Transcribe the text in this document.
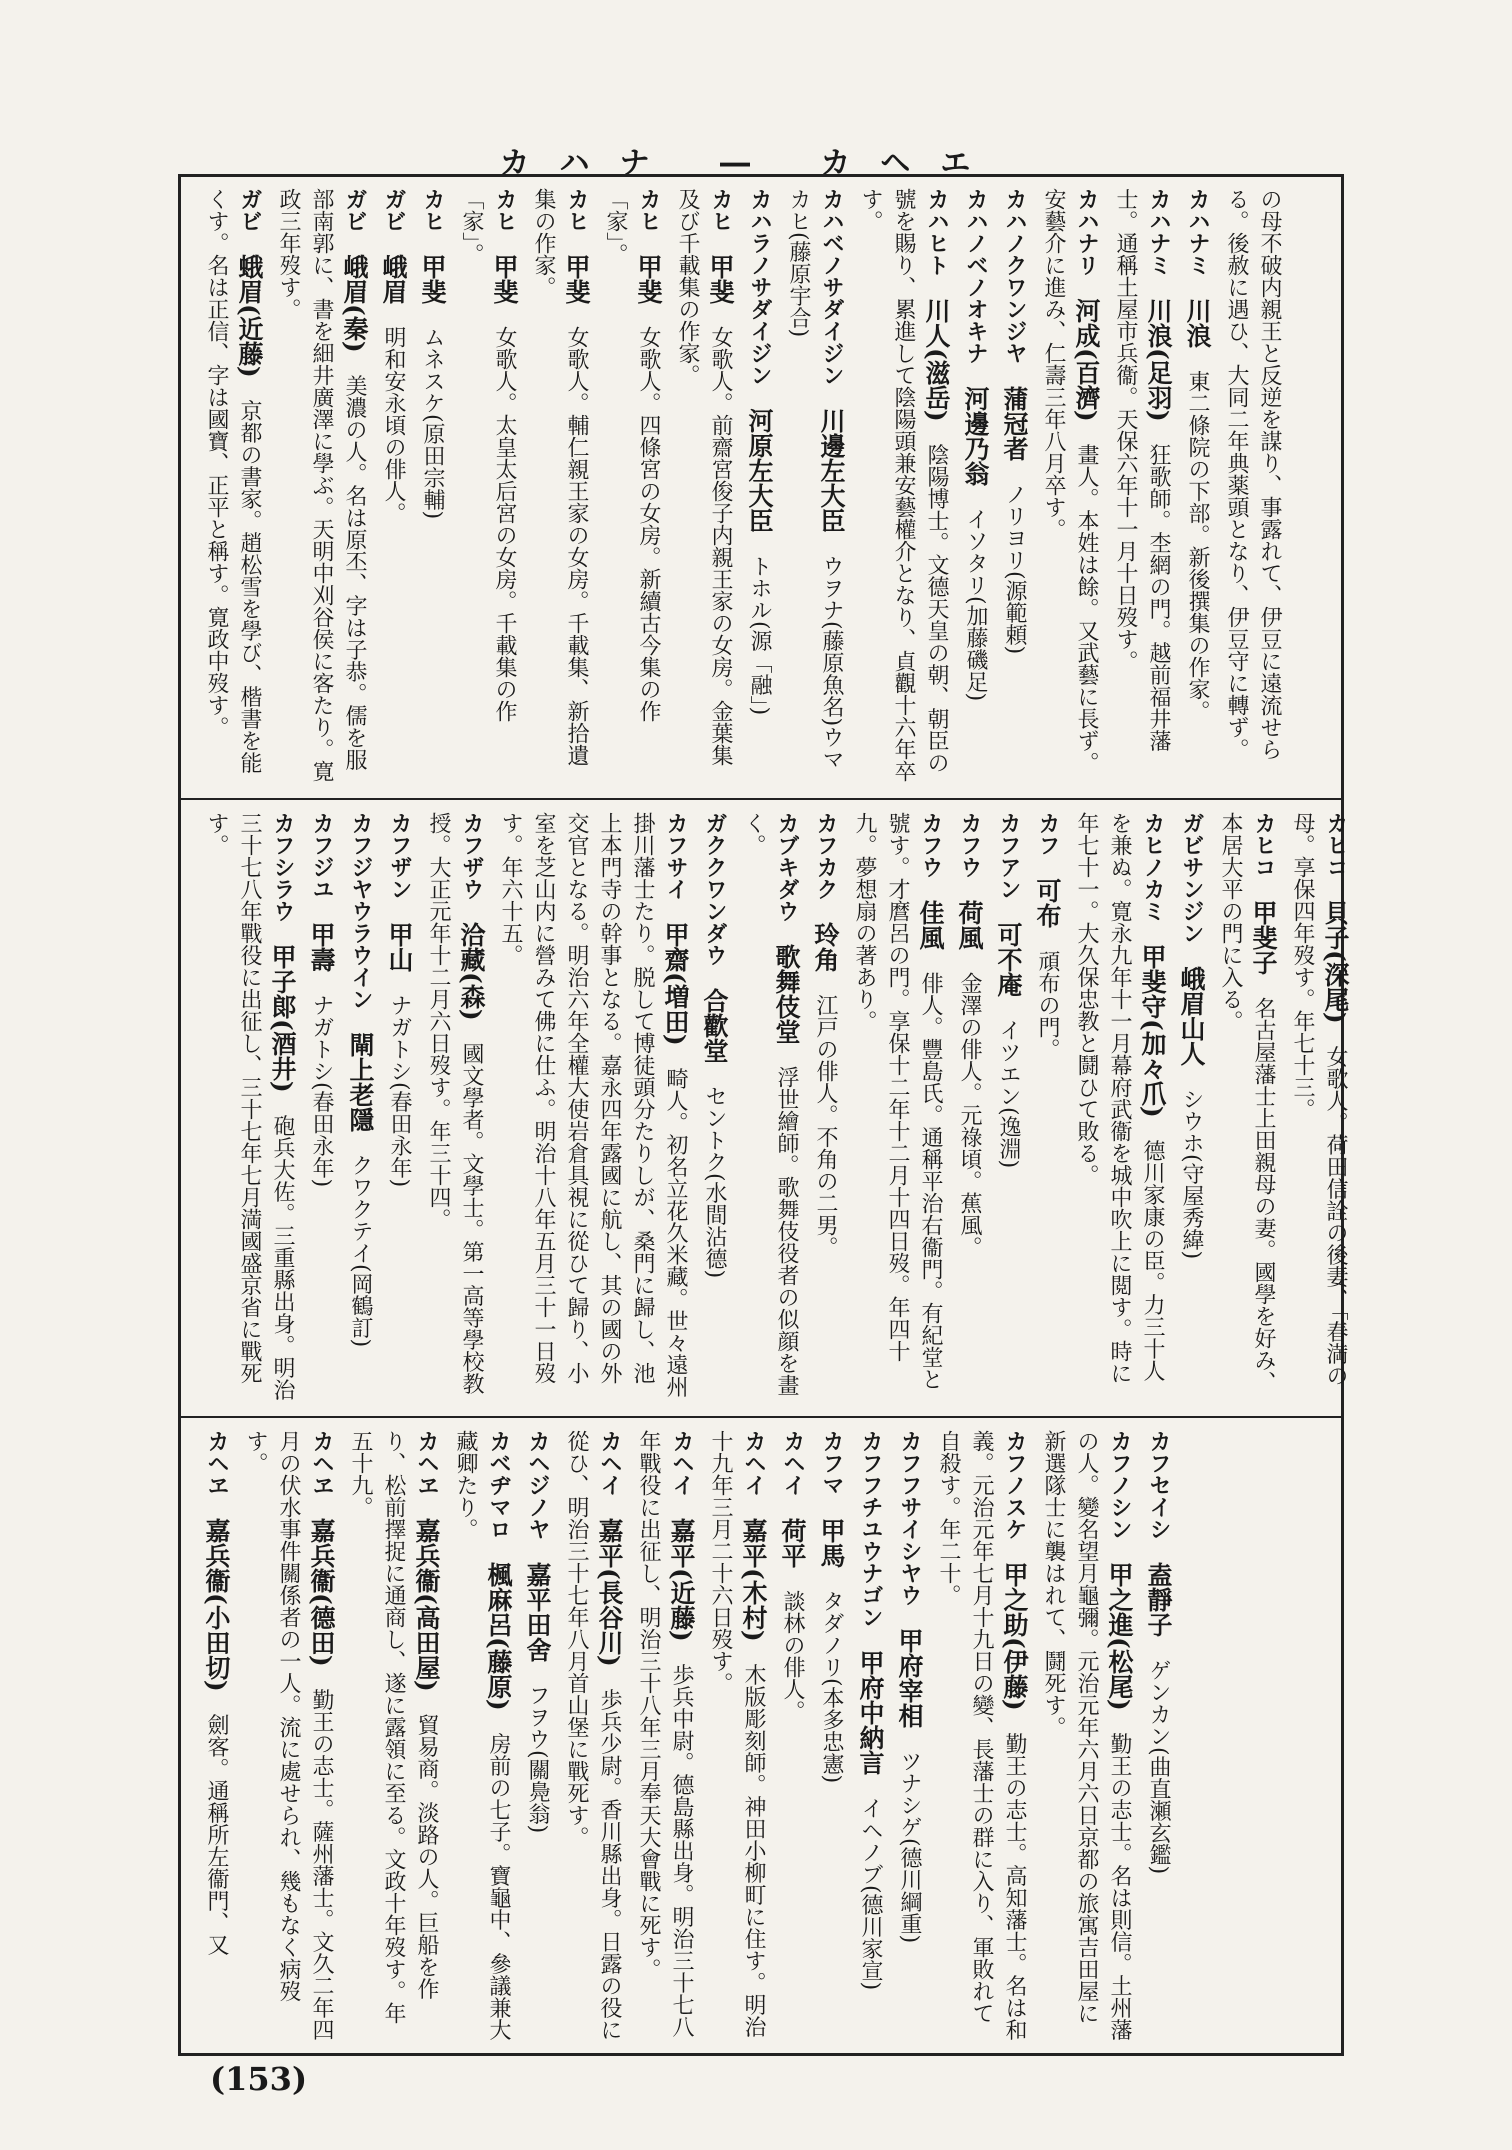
カハナ ― カヘエ

の母不破内親王と反逆を謀り、事露れて、伊豆に遠流せらる。後赦に遇ひ、大同二年典薬頭となり、伊豆守に轉ず。

カハナミ　川浪　東二條院の下部。新後撰集の作家。

カハナミ　川浪(足羽)　狂歌師。杢網の門。越前福井藩士。通稱土屋市兵衞。天保六年十一月十日歿す。

カハナリ　河成(百濟)　畫人。本姓は餘。又武藝に長ず。安藝介に進み、仁壽三年八月卒す。

カハノクワンジヤ　蒲冠者　ノリヨリ(源範頼)

カハノベノオキナ　河邊乃翁　イソタリ(加藤磯足)

カハヒト　川人(滋岳)　陰陽博士。文德天皇の朝、朝臣の號を賜り、累進して陰陽頭兼安藝權介となり、貞觀十六年卒す。

カハベノサダイジン　川邊左大臣　ウヲナ(藤原魚名)ウマカヒ(藤原宇合)

カハラノサダイジン　河原左大臣　トホル(源「融」)

カヒ　甲斐　女歌人。前齋宮俊子内親王家の女房。金葉集及び千載集の作家。

カヒ　甲斐　女歌人。四條宮の女房。新續古今集の作「家」。

カヒ　甲斐　女歌人。輔仁親王家の女房。千載集、新拾遺集の作家。

カヒ　甲斐　女歌人。太皇太后宮の女房。千載集の作「家」。

カヒ　甲斐　ムネスケ(原田宗輔)

ガビ　峨眉　明和安永頃の俳人。

ガビ　峨眉(秦)　美濃の人。名は原丕、字は子恭。儒を服部南郭に、書を細井廣澤に學ぶ。天明中刈谷侯に客たり。寛政三年歿す。

ガビ　蛾眉(近藤)　京都の書家。趙松雪を學び、楷書を能くす。名は正信、字は國寶、正平と稱す。寛政中歿す。

カヒコ　貝子(深尾)　女歌人。荷田信詮の後妻、「春満の母。享保四年歿す。年七十三。

カヒコ　甲斐子　名古屋藩士上田親母の妻。國學を好み、本居大平の門に入る。

ガビサンジン　峨眉山人　シウホ(守屋秀緯)

カヒノカミ　甲斐守(加々爪)　德川家康の臣。力三十人を兼ぬ。寛永九年十一月幕府武衞を城中吹上に閲す。時に年七十一。大久保忠教と鬪ひて敗る。

カフ　可布　頑布の門。

カフアン　可不庵　イツエン(逸淵)

カフウ　荷風　金澤の俳人。元祿頃。蕉風。

カフウ　佳風　俳人。豐島氏。通稱平治右衞門。有紀堂と號す。才麿呂の門。享保十二年十二月十四日歿。年四十九。夢想扇の著あり。

カフカク　玲角　江戸の俳人。不角の二男。

カブキダウ　歌舞伎堂　浮世繪師。歌舞伎役者の似顔を畫く。

ガククワンダウ　合歡堂　セントク(水間沾德)

カフサイ　甲齋(増田)　畸人。初名立花久米藏。世々遠州掛川藩士たり。脱して博徒頭分たりしが、桑門に歸し、池上本門寺の幹事となる。嘉永四年露國に航し、其の國の外交官となる。明治六年全權大使岩倉具視に從ひて歸り、小室を芝山内に營みて佛に仕ふ。明治十八年五月三十一日歿す。年六十五。

カフザウ　洽藏(森)　國文學者。文學士。第一高等學校教授。大正元年十二月六日歿す。年三十四。

カフザン　甲山　ナガトシ(春田永年)

カフジヤウラウイン　閘上老隱　クワクテイ(岡鶴訂)

カフジユ　甲壽　ナガトシ(春田永年)

カフシラウ　甲子郞(酒井)　砲兵大佐。三重縣出身。明治三十七八年戰役に出征し、三十七年七月満國盛京省に戰死す。

カフセイシ　盍靜子　ゲンカン(曲直瀬玄鑑)

カフノシン　甲之進(松尾)　勤王の志士。名は則信。土州藩の人。變名望月龜彌。元治元年六月六日京都の旅寓吉田屋に新選隊士に襲はれて、鬪死す。

カフノスケ　甲之助(伊藤)　勤王の志士。高知藩士。名は和義。元治元年七月十九日の變、長藩士の群に入り、軍敗れて自殺す。年二十。

カフフサイシヤウ　甲府宰相　ツナシゲ(德川綱重)

カフフチユウナゴン　甲府中納言　イヘノブ(德川家宣)

カフマ　甲馬　タダノリ(本多忠憲)

カヘイ　荷平　談林の俳人。

カヘイ　嘉平(木村)　木版彫刻師。神田小柳町に住す。明治十九年三月二十六日歿す。

カヘイ　嘉平(近藤)　歩兵中尉。德島縣出身。明治三十七八年戰役に出征し、明治三十八年三月奉天大會戰に死す。

カヘイ　嘉平(長谷川)　歩兵少尉。香川縣出身。日露の役に從ひ、明治三十七年八月首山堡に戰死す。

カヘジノヤ　嘉平田舍　フヲウ(關鳧翁)

カベヂマロ　楓麻呂(藤原)　房前の七子。寶龜中、參議兼大藏卿たり。

カヘヱ　嘉兵衞(高田屋)　貿易商。淡路の人。巨船を作り、松前擇捉に通商し、遂に露領に至る。文政十年歿す。年五十九。

カヘヱ　嘉兵衞(德田)　勤王の志士。薩州藩士。文久二年四月の伏水事件關係者の一人。流に處せられ、幾もなく病歿す。

カヘヱ　嘉兵衞(小田切)　劍客。通稱所左衞門、又

(153)
